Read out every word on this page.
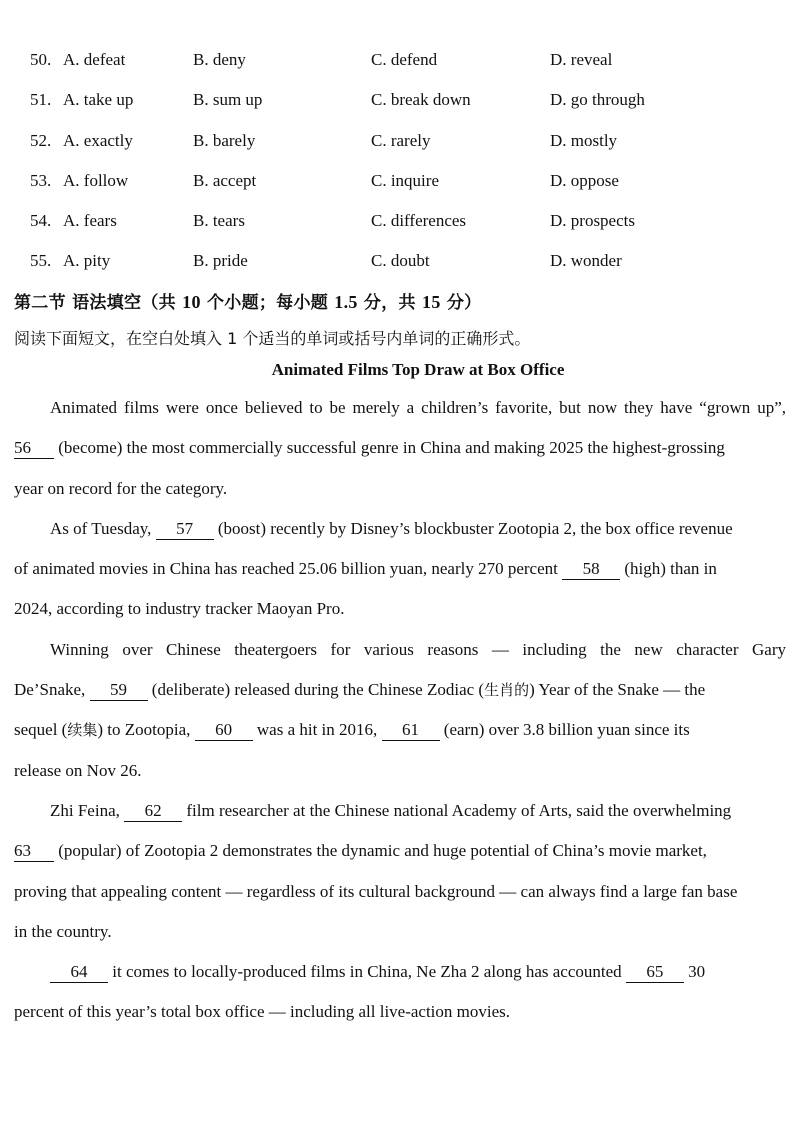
50. A. defeat	B. deny	C. defend	D. reveal
51. A. take up	B. sum up	C. break down	D. go through
52. A. exactly	B. barely	C. rarely	D. mostly
53. A. follow	B. accept	C. inquire	D. oppose
54. A. fears	B. tears	C. differences	D. prospects
55. A. pity	B. pride	C. doubt	D. wonder
第二节 语法填空（共 10 个小题；每小题 1.5 分，共 15 分）
阅读下面短文，在空白处填入 1 个适当的单词或括号内单词的正确形式。
Animated Films Top Draw at Box Office
Animated films were once believed to be merely a children’s favorite, but now they have “grown up”,
56 (become) the most commercially successful genre in China and making 2025 the highest-grossing
year on record for the category.
As of Tuesday, 57 (boost) recently by Disney’s blockbuster Zootopia 2, the box office revenue
of animated movies in China has reached 25.06 billion yuan, nearly 270 percent 58 (high) than in
2024, according to industry tracker Maoyan Pro.
Winning over Chinese theatergoers for various reasons — including the new character Gary
De’Snake, 59 (deliberate) released during the Chinese Zodiac (生肖的) Year of the Snake — the
sequel (续集) to Zootopia, 60 was a hit in 2016, 61 (earn) over 3.8 billion yuan since its
release on Nov 26.
Zhi Feina, 62 film researcher at the Chinese national Academy of Arts, said the overwhelming
63 (popular) of Zootopia 2 demonstrates the dynamic and huge potential of China’s movie market,
proving that appealing content — regardless of its cultural background — can always find a large fan base
in the country.
64 it comes to locally-produced films in China, Ne Zha 2 along has accounted 65 30
percent of this year’s total box office — including all live-action movies.
